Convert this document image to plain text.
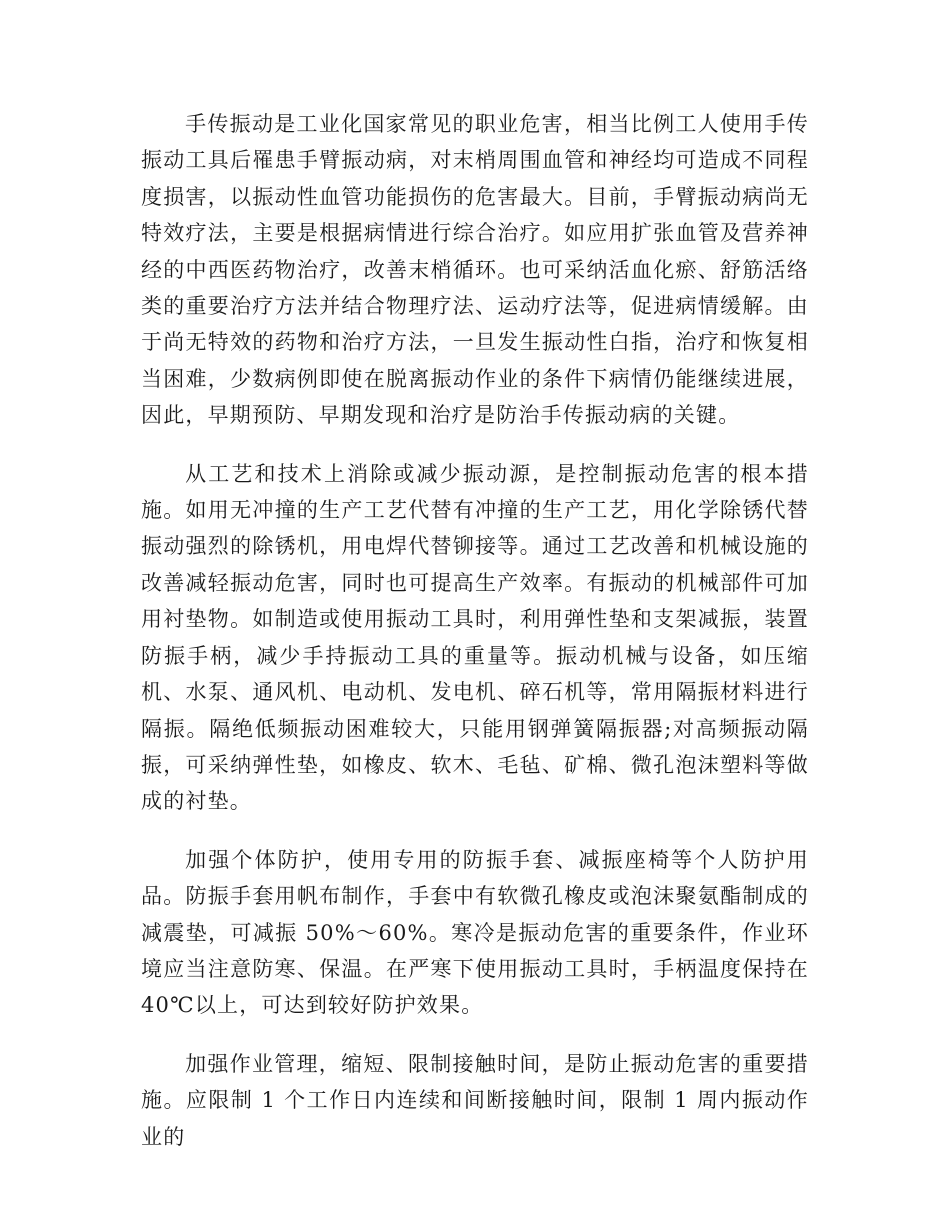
手传振动是工业化国家常见的职业危害，相当比例工人使用手传振动工具后罹患手臂振动病，对末梢周围血管和神经均可造成不同程度损害，以振动性血管功能损伤的危害最大。目前，手臂振动病尚无特效疗法，主要是根据病情进行综合治疗。如应用扩张血管及营养神经的中西医药物治疗，改善末梢循环。也可采纳活血化瘀、舒筋活络类的重要治疗方法并结合物理疗法、运动疗法等，促进病情缓解。由于尚无特效的药物和治疗方法，一旦发生振动性白指，治疗和恢复相当困难，少数病例即使在脱离振动作业的条件下病情仍能继续进展，因此，早期预防、早期发现和治疗是防治手传振动病的关键。

从工艺和技术上消除或减少振动源，是控制振动危害的根本措施。如用无冲撞的生产工艺代替有冲撞的生产工艺，用化学除锈代替振动强烈的除锈机，用电焊代替铆接等。通过工艺改善和机械设施的改善减轻振动危害，同时也可提高生产效率。有振动的机械部件可加用衬垫物。如制造或使用振动工具时，利用弹性垫和支架减振，装置防振手柄，减少手持振动工具的重量等。振动机械与设备，如压缩机、水泵、通风机、电动机、发电机、碎石机等，常用隔振材料进行隔振。隔绝低频振动困难较大，只能用钢弹簧隔振器;对高频振动隔振，可采纳弹性垫，如橡皮、软木、毛毡、矿棉、微孔泡沫塑料等做成的衬垫。

加强个体防护，使用专用的防振手套、减振座椅等个人防护用品。防振手套用帆布制作，手套中有软微孔橡皮或泡沫聚氨酯制成的减震垫，可减振 50%～60%。寒冷是振动危害的重要条件，作业环境应当注意防寒、保温。在严寒下使用振动工具时，手柄温度保持在 40℃以上，可达到较好防护效果。

加强作业管理，缩短、限制接触时间，是防止振动危害的重要措施。应限制 1 个工作日内连续和间断接触时间，限制 1 周内振动作业的
